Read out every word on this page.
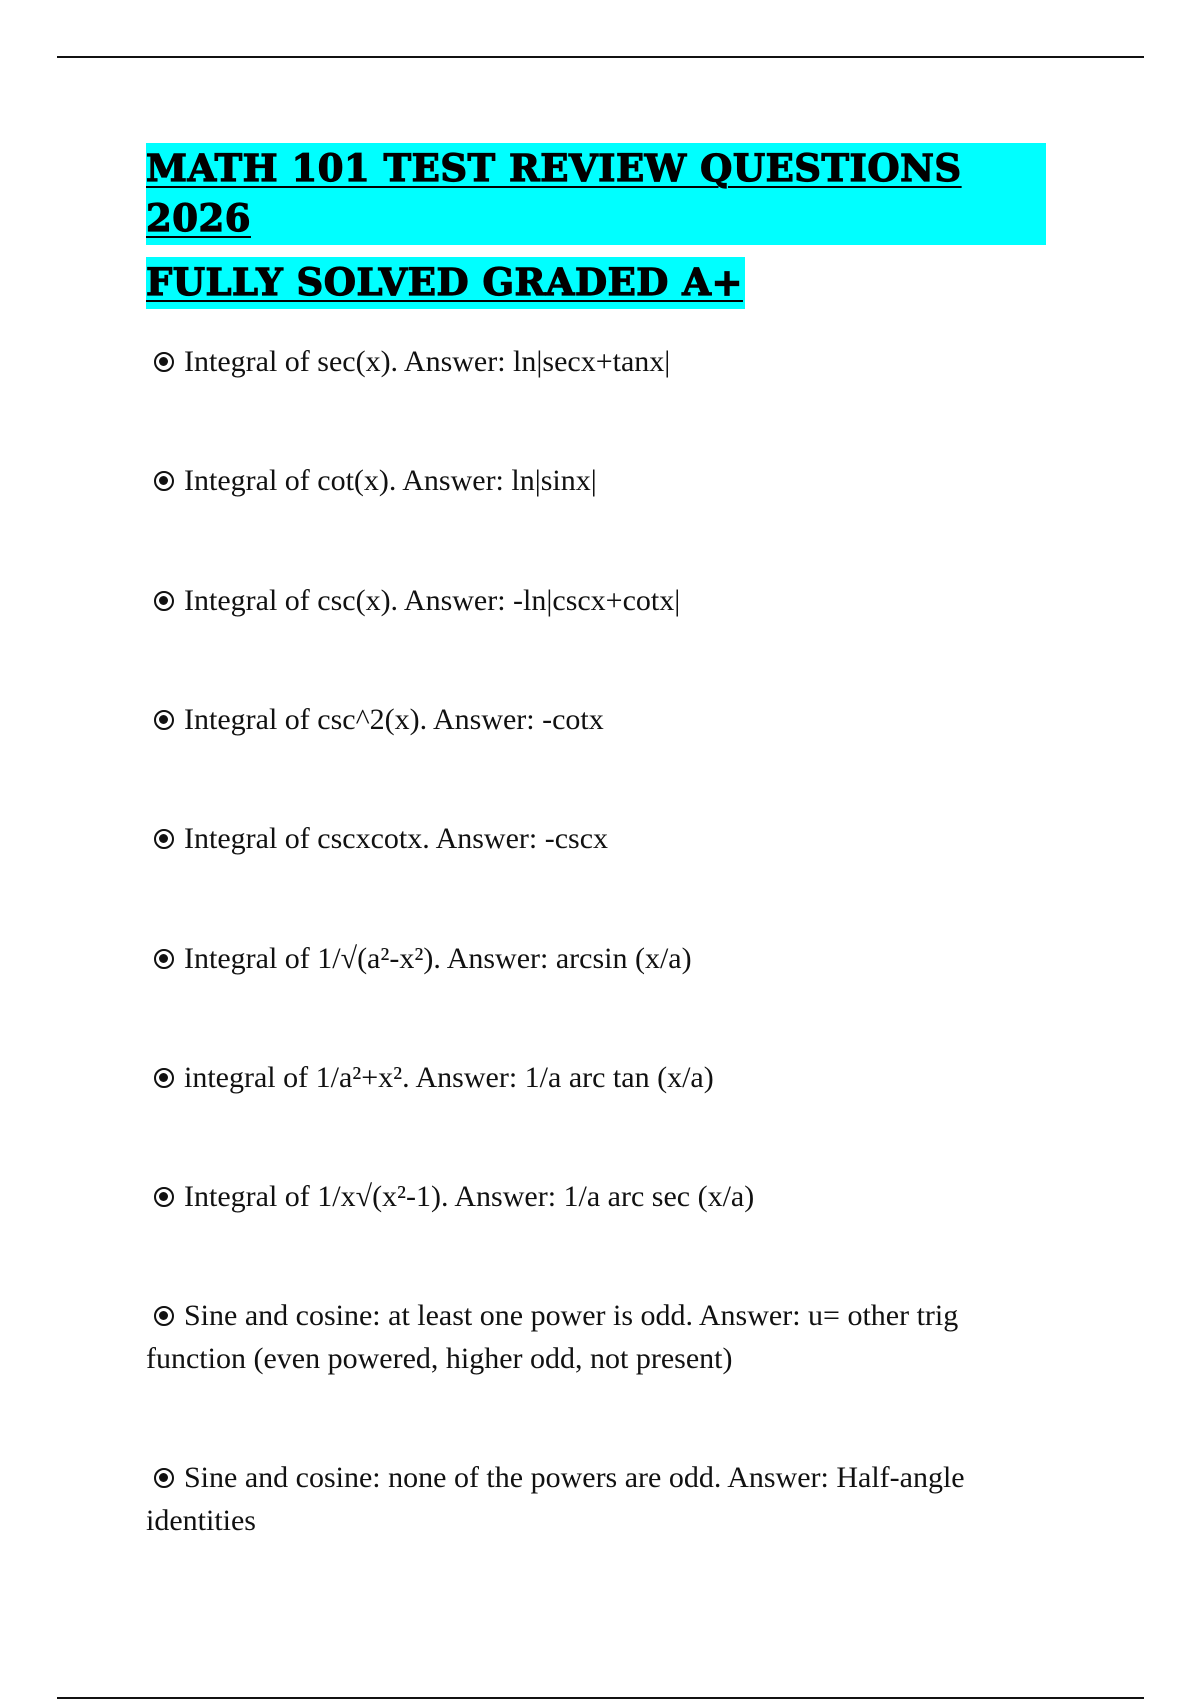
MATH 101 TEST REVIEW QUESTIONS 2026
FULLY SOLVED GRADED A+
Integral of sec(x). Answer: ln|secx+tanx|
Integral of cot(x). Answer: ln|sinx|
Integral of csc(x). Answer: -ln|cscx+cotx|
Integral of csc^2(x). Answer: -cotx
Integral of cscxcotx. Answer: -cscx
Integral of 1/√(a²-x²). Answer: arcsin (x/a)
integral of 1/a²+x². Answer: 1/a arc tan (x/a)
Integral of 1/x√(x²-1). Answer: 1/a arc sec (x/a)
Sine and cosine: at least one power is odd. Answer: u= other trig function (even powered, higher odd, not present)
Sine and cosine: none of the powers are odd. Answer: Half-angle identities
